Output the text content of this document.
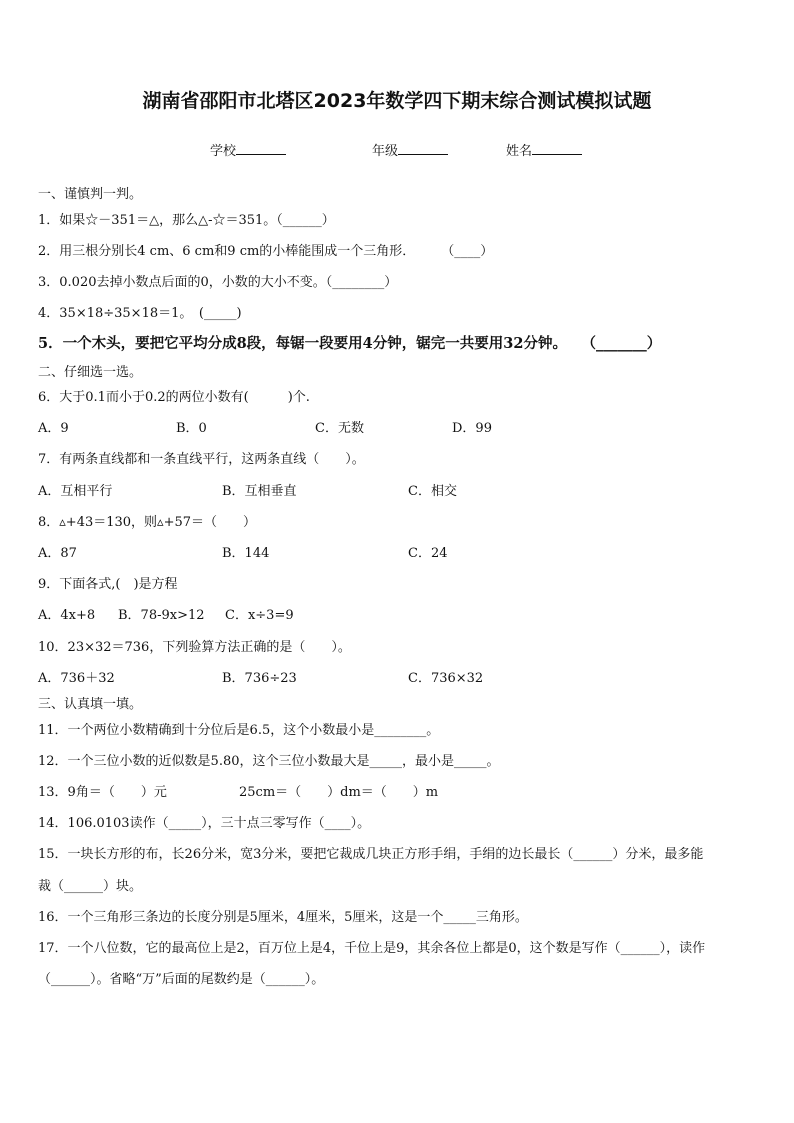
湖南省邵阳市北塔区2023年数学四下期末综合测试模拟试题
学校	年级	姓名
一、谨慎判一判。
1．如果☆－351＝△，那么△-☆＝351。（______）
2．用三根分别长4 cm、6 cm和9 cm的小棒能围成一个三角形．　　　（____）
3．0.020去掉小数点后面的0，小数的大小不变。（________）
4．35×18÷35×18＝1。　(_____)
5．一个木头，要把它平均分成8段，每锯一段要用4分钟，锯完一共要用32分钟。　　（_______）
二、仔细选一选。
6．大于0.1而小于0.2的两位小数有(　　　)个.
A．9	B．0	C．无数	D．99
7．有两条直线都和一条直线平行，这两条直线（　　）。
A．互相平行	B．互相垂直	C．相交
8．▵+43＝130，则▵+57＝（　　）
A．87	B．144	C．24
9．下面各式,(　)是方程
A．4x+8 B．78-9x>12 C．x÷3=9
10．23×32＝736，下列验算方法正确的是（　　）。
A．736＋32	B．736÷23	C．736×32
三、认真填一填。
11．一个两位小数精确到十分位后是6.5，这个小数最小是________。
12．一个三位小数的近似数是5.80，这个三位小数最大是_____，最小是_____。
13．9角＝（　　）元	25cm＝（　　）dm＝（　　）m
14．106.0103读作（_____），三十点三零写作（____）。
15．一块长方形的布，长26分米，宽3分米，要把它裁成几块正方形手绢，手绢的边长最长（______）分米，最多能
裁（______）块。
16．一个三角形三条边的长度分别是5厘米，4厘米，5厘米，这是一个_____三角形。
17．一个八位数，它的最高位上是2，百万位上是4，千位上是9，其余各位上都是0，这个数是写作（______），读作
（______）。省略“万”后面的尾数约是（______）。
